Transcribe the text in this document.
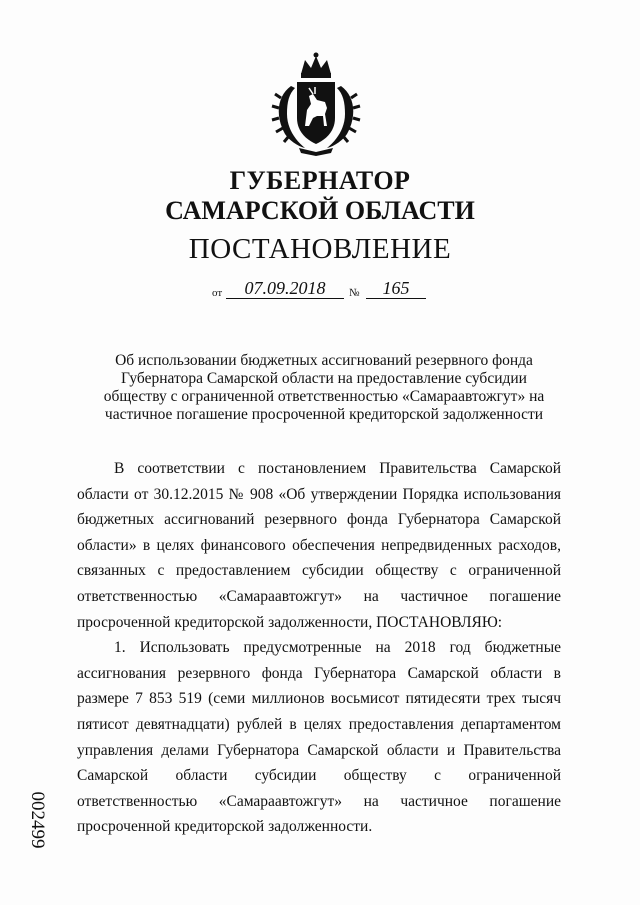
ГУБЕРНАТОР
САМАРСКОЙ ОБЛАСТИ
ПОСТАНОВЛЕНИЕ
от	07.09.2018	№	165
Об использовании бюджетных ассигнований резервного фонда Губернатора Самарской области на предоставление субсидии обществу с ограниченной ответственностью «Самараавтожгут» на частичное погашение просроченной кредиторской задолженности

В соответствии с постановлением Правительства Самарской области от 30.12.2015 № 908 «Об утверждении Порядка использования бюджетных ассигнований резервного фонда Губернатора Самарской области» в целях финансового обеспечения непредвиденных расходов, связанных с предоставлением субсидии обществу с ограниченной ответственностью «Самараавтожгут» на частичное погашение просроченной кредиторской задолженности, ПОСТАНОВЛЯЮ:

1. Использовать предусмотренные на 2018 год бюджетные ассигнования резервного фонда Губернатора Самарской области в размере 7 853 519 (семи миллионов восьмисот пятидесяти трех тысяч пятисот девятнадцати) рублей в целях предоставления департаментом управления делами Губернатора Самарской области и Правительства Самарской области субсидии обществу с ограниченной ответственностью «Самараавтожгут» на частичное погашение просроченной кредиторской задолженности.

002499
